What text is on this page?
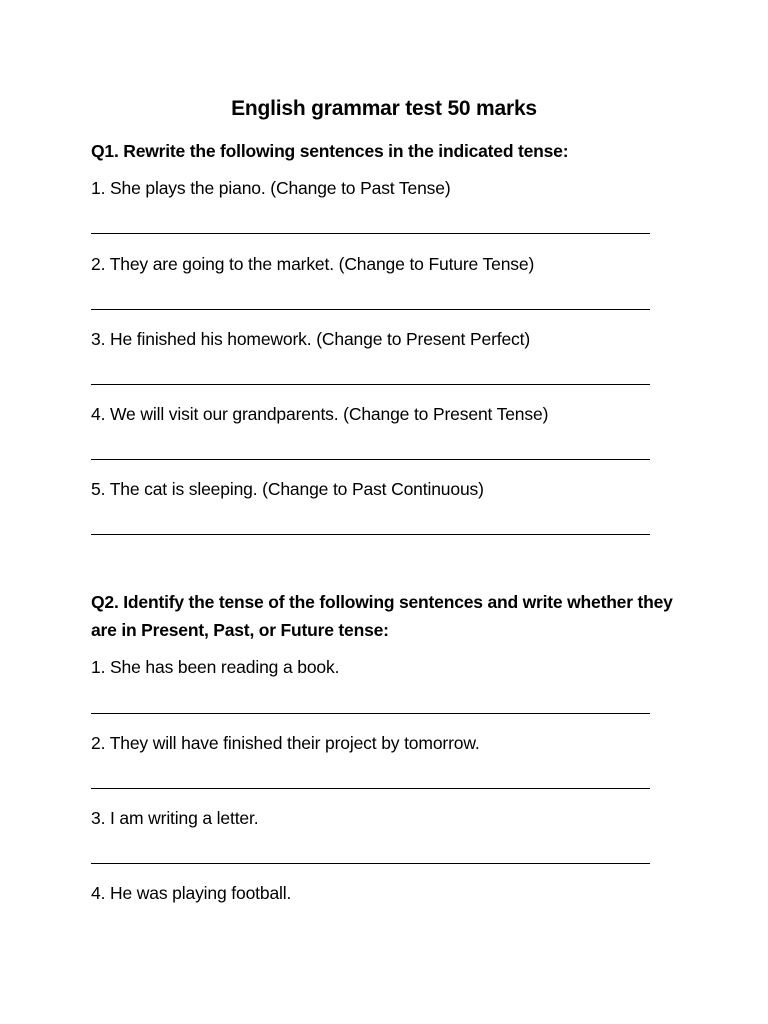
English grammar test 50 marks
Q1. Rewrite the following sentences in the indicated tense:
1. She plays the piano. (Change to Past Tense)
2. They are going to the market. (Change to Future Tense)
3. He finished his homework. (Change to Present Perfect)
4. We will visit our grandparents. (Change to Present Tense)
5. The cat is sleeping. (Change to Past Continuous)
Q2. Identify the tense of the following sentences and write whether they are in Present, Past, or Future tense:
1. She has been reading a book.
2. They will have finished their project by tomorrow.
3. I am writing a letter.
4. He was playing football.
